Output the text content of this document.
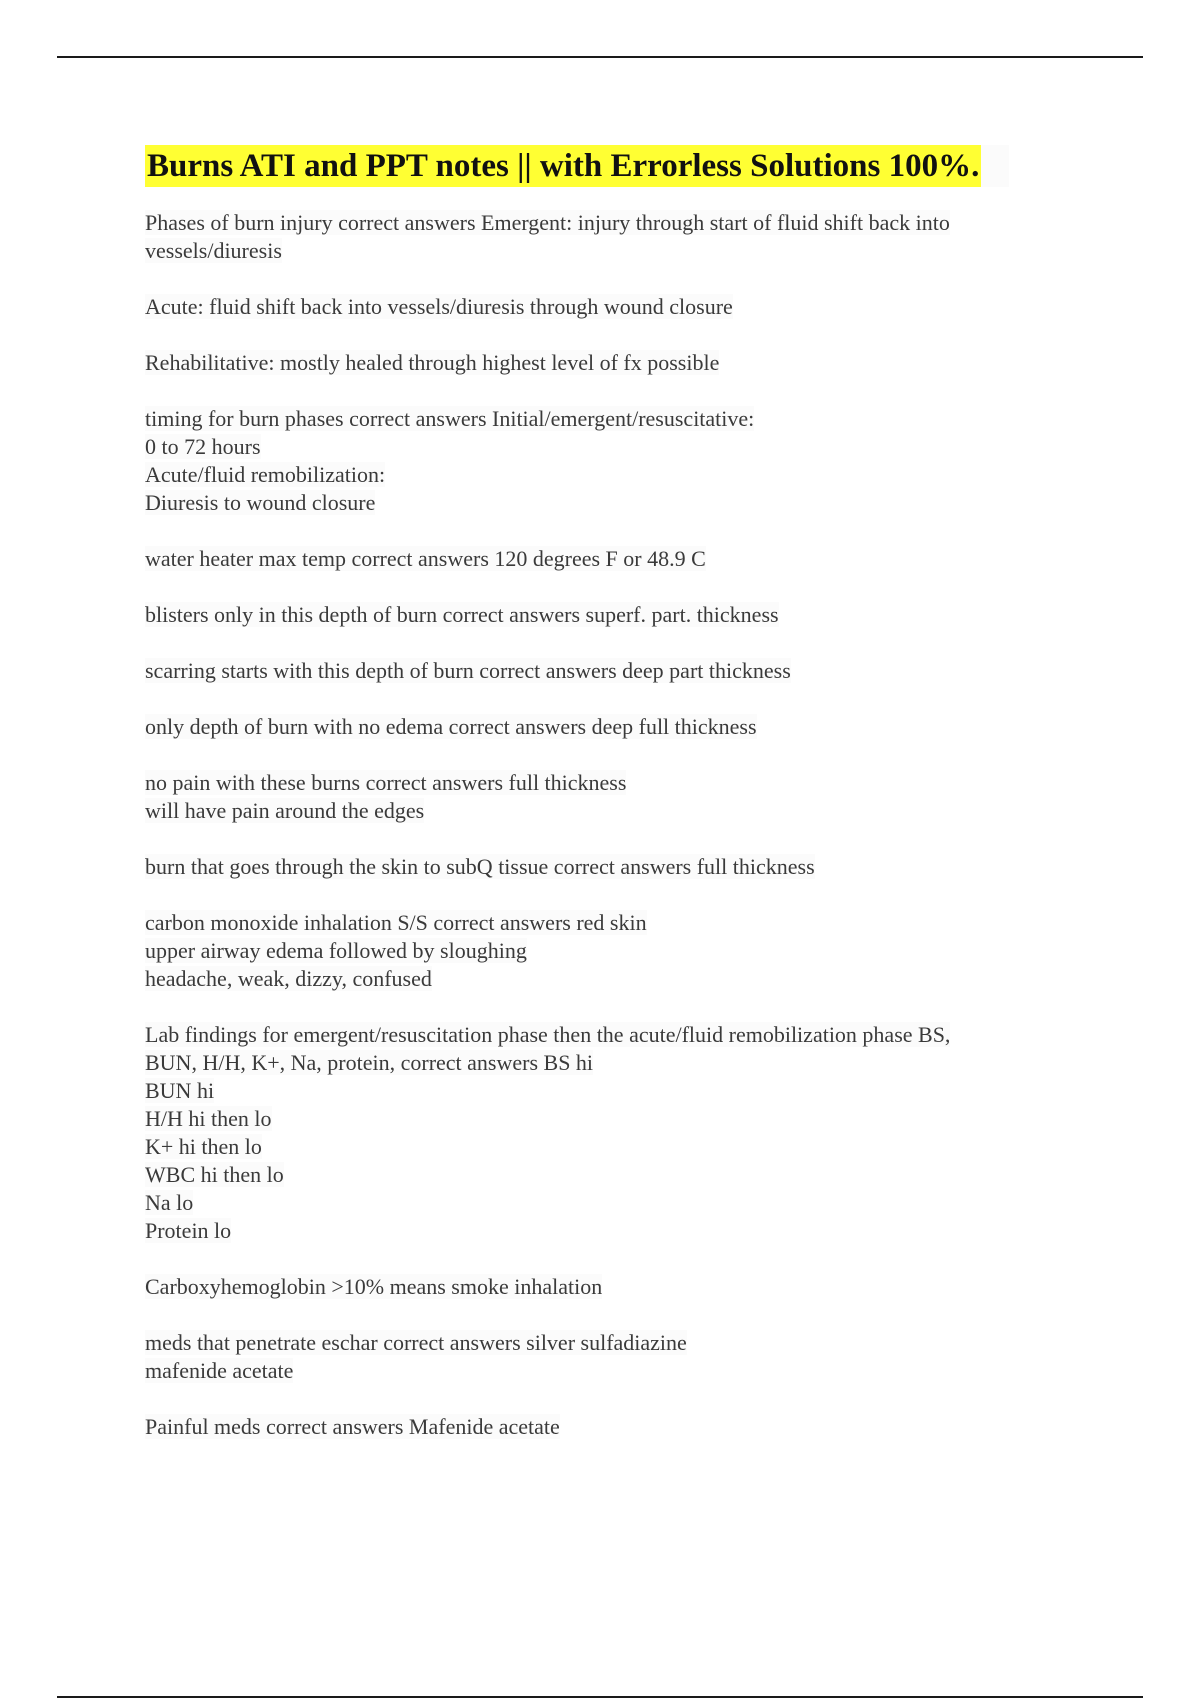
Burns ATI and PPT notes || with Errorless Solutions 100%.
Phases of burn injury correct answers Emergent: injury through start of fluid shift back into
vessels/diuresis
Acute: fluid shift back into vessels/diuresis through wound closure
Rehabilitative: mostly healed through highest level of fx possible
timing for burn phases correct answers Initial/emergent/resuscitative:
0 to 72 hours
Acute/fluid remobilization:
Diuresis to wound closure
water heater max temp correct answers 120 degrees F or 48.9 C
blisters only in this depth of burn correct answers superf. part. thickness
scarring starts with this depth of burn correct answers deep part thickness
only depth of burn with no edema correct answers deep full thickness
no pain with these burns correct answers full thickness
will have pain around the edges
burn that goes through the skin to subQ tissue correct answers full thickness
carbon monoxide inhalation S/S correct answers red skin
upper airway edema followed by sloughing
headache, weak, dizzy, confused
Lab findings for emergent/resuscitation phase then the acute/fluid remobilization phase BS,
BUN, H/H, K+, Na, protein, correct answers BS hi
BUN hi
H/H hi then lo
K+ hi then lo
WBC hi then lo
Na lo
Protein lo
Carboxyhemoglobin >10% means smoke inhalation
meds that penetrate eschar correct answers silver sulfadiazine
mafenide acetate
Painful meds correct answers Mafenide acetate
